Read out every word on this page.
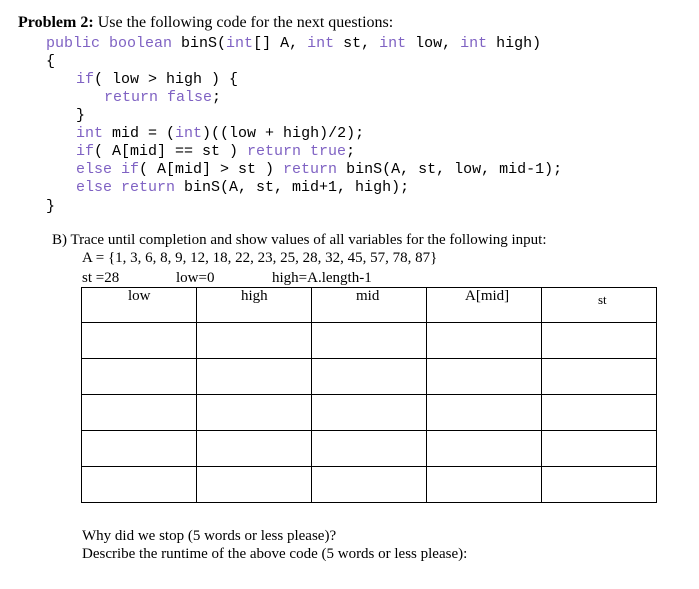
Problem 2: Use the following code for the next questions:

public boolean binS(int[] A, int st, int low, int high)

{

if( low > high ) {

return false;

}

int mid = (int)((low + high)/2);

if( A[mid] == st ) return true;

else if( A[mid] > st ) return binS(A, st, low, mid-1);

else return binS(A, st, mid+1, high);

}

B) Trace until completion and show values of all variables for the following input:
A = {1, 3, 6, 8, 9, 12, 18, 22, 23, 25, 28, 32, 45, 57, 78, 87}
st =28	low=0	high=A.length-1

low	high	mid	A[mid]	st
Why did we stop (5 words or less please)?
Describe the runtime of the above code (5 words or less please):
